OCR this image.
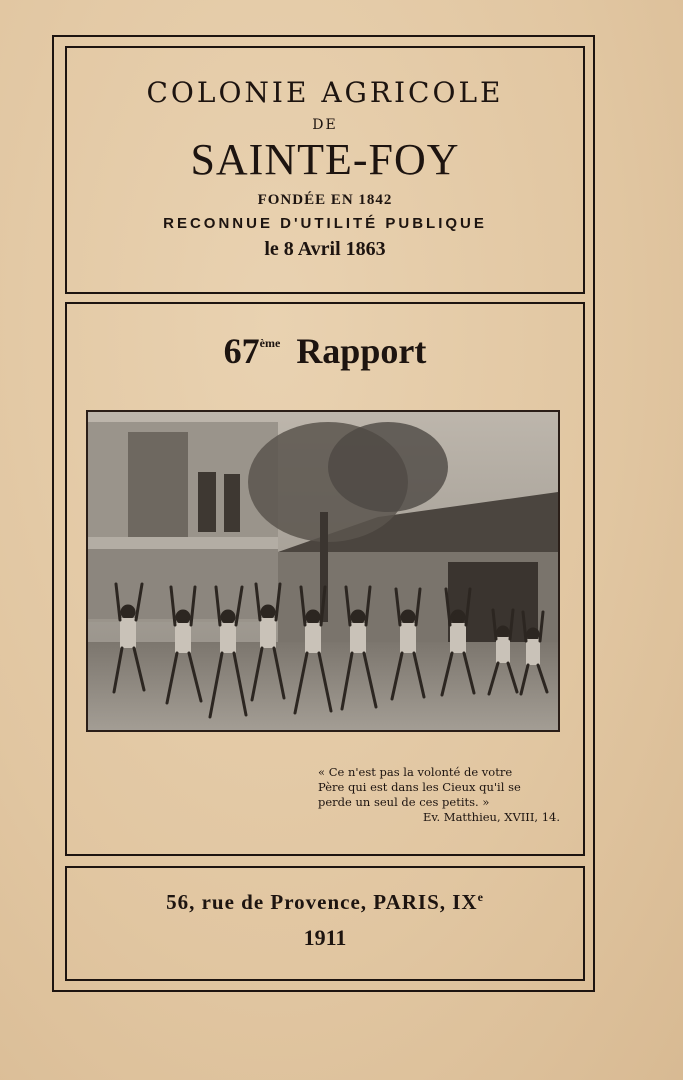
COLONIE AGRICOLE
DE
SAINTE-FOY
FONDÉE EN 1842
RECONNUE D'UTILITÉ PUBLIQUE
le 8 Avril 1863
67ème Rapport
« Ce n'est pas la volonté de votre
Père qui est dans les Cieux qu'il se
perde un seul de ces petits. »
Ev. Matthieu, XVIII, 14.
56, rue de Provence, PARIS, IXe
1911
